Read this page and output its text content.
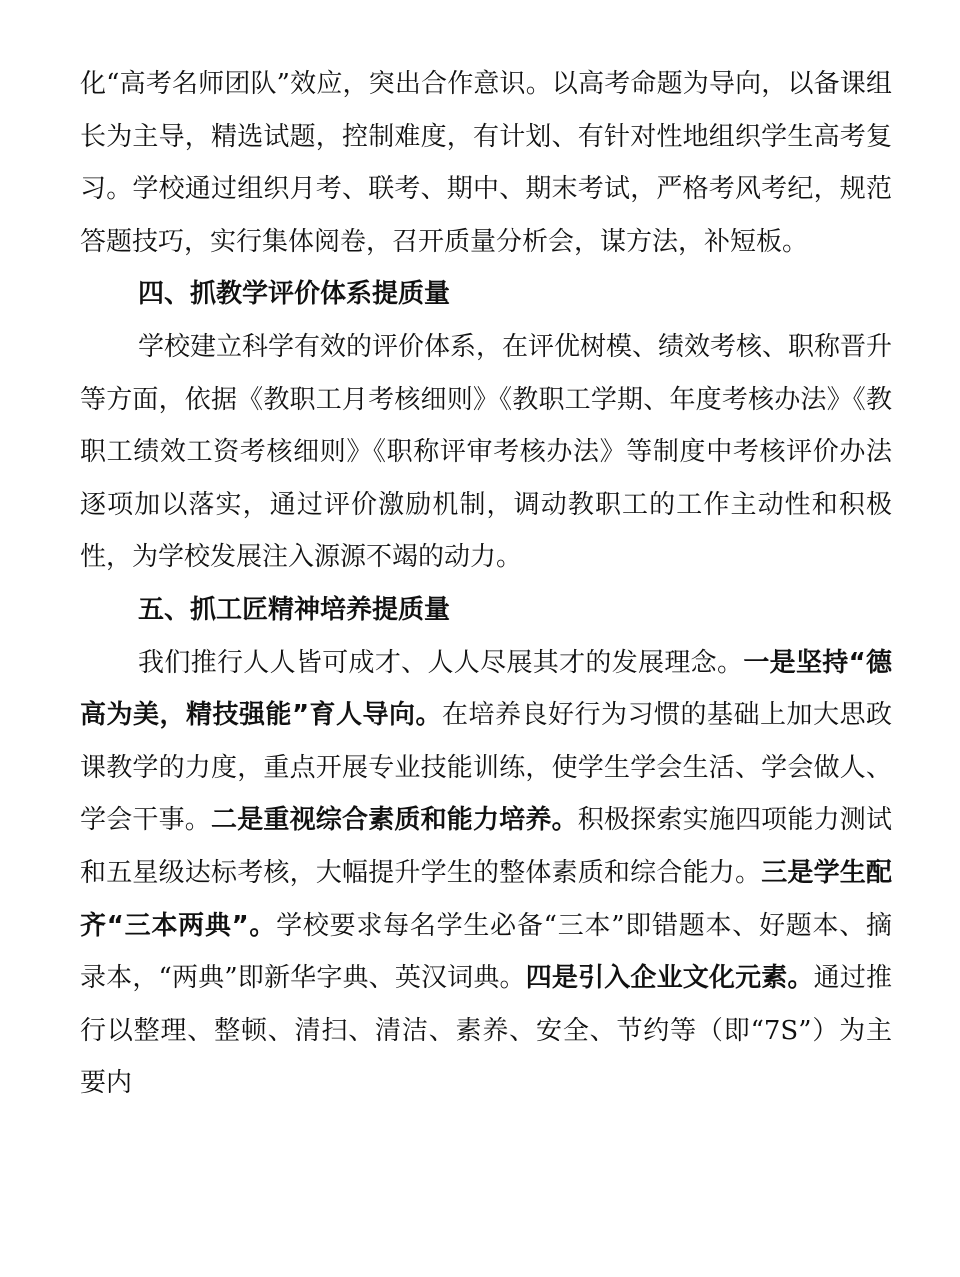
化“高考名师团队”效应，突出合作意识。以高考命题为导向，以备课组长为主导，精选试题，控制难度，有计划、有针对性地组织学生高考复习。学校通过组织月考、联考、期中、期末考试，严格考风考纪，规范答题技巧，实行集体阅卷，召开质量分析会，谋方法，补短板。

四、抓教学评价体系提质量

学校建立科学有效的评价体系，在评优树模、绩效考核、职称晋升等方面，依据《教职工月考核细则》《教职工学期、年度考核办法》《教职工绩效工资考核细则》《职称评审考核办法》等制度中考核评价办法逐项加以落实，通过评价激励机制，调动教职工的工作主动性和积极性，为学校发展注入源源不竭的动力。

五、抓工匠精神培养提质量

我们推行人人皆可成才、人人尽展其才的发展理念。一是坚持“德高为美，精技强能”育人导向。在培养良好行为习惯的基础上加大思政课教学的力度，重点开展专业技能训练，使学生学会生活、学会做人、学会干事。二是重视综合素质和能力培养。积极探索实施四项能力测试和五星级达标考核，大幅提升学生的整体素质和综合能力。三是学生配齐“三本两典”。学校要求每名学生必备“三本”即错题本、好题本、摘录本，“两典”即新华字典、英汉词典。四是引入企业文化元素。通过推行以整理、整顿、清扫、清洁、素养、安全、节约等（即“7S”）为主要内
